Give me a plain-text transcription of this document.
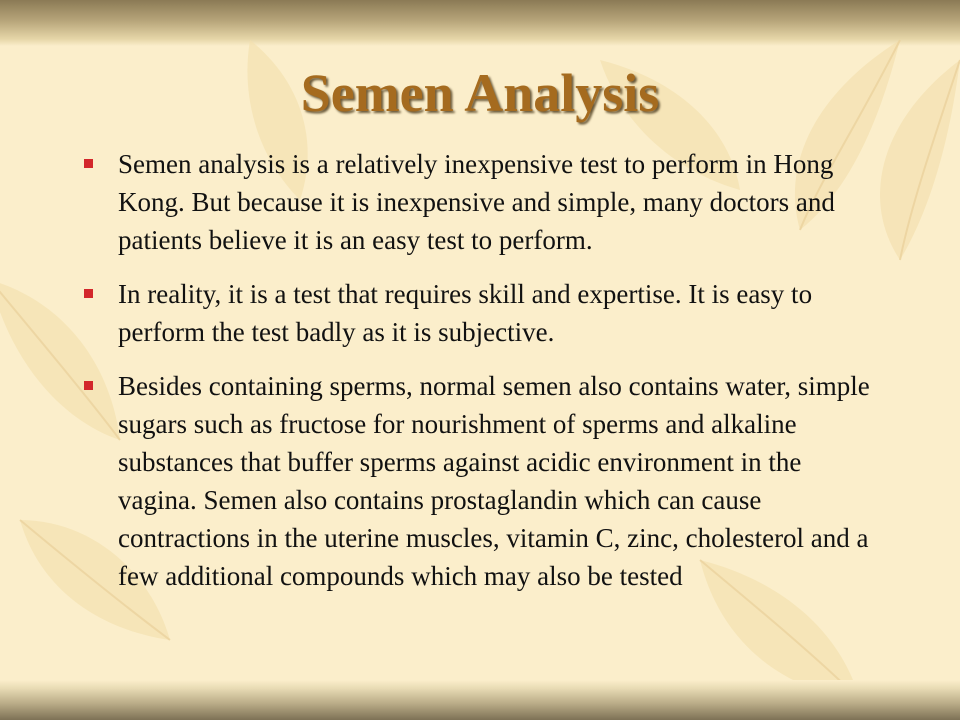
Semen Analysis
Semen analysis is a relatively inexpensive test to perform in Hong Kong. But because it is inexpensive and simple, many doctors and patients believe it is an easy test to perform.
In reality, it is a test that requires skill and expertise. It is easy to perform the test badly as it is subjective.
Besides containing sperms, normal semen also contains water, simple sugars such as fructose for nourishment of sperms and alkaline substances that buffer sperms against acidic environment in the vagina. Semen also contains prostaglandin which can cause contractions in the uterine muscles, vitamin C, zinc, cholesterol and a few additional compounds which may also be tested
